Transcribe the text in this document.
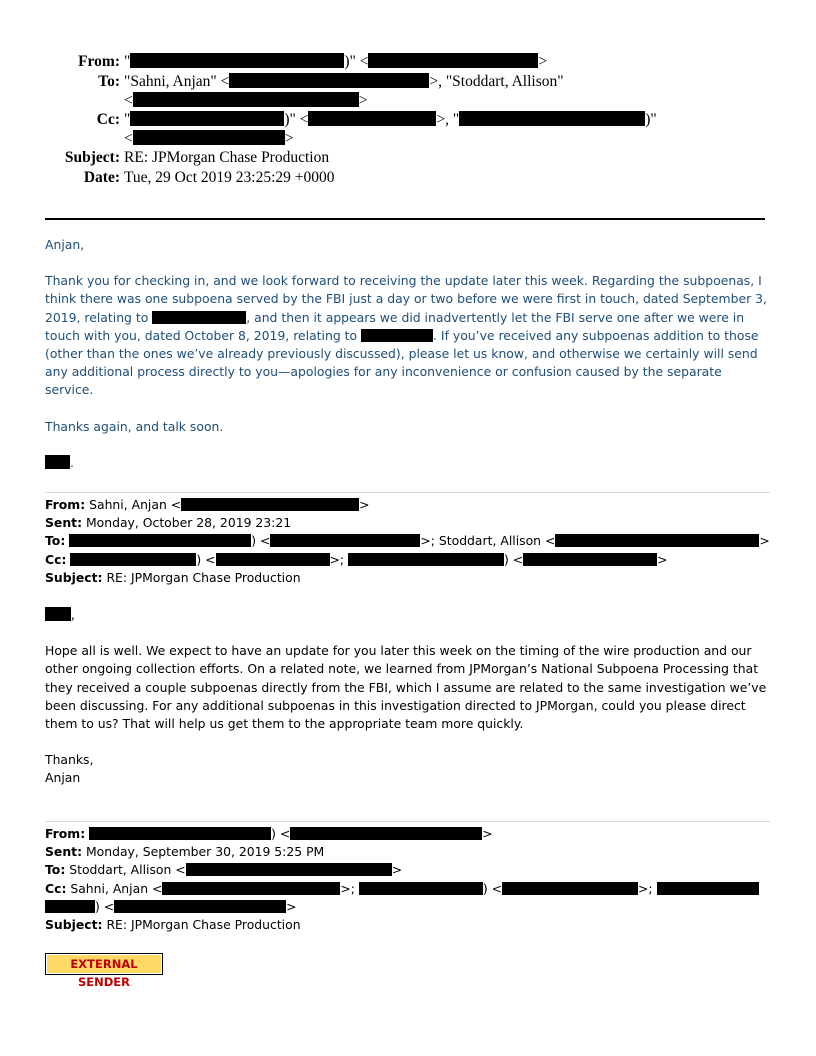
From: "	)" <	>
To: "Sahni, Anjan" <	>, "Stoddart, Allison"
<	>
Cc: "	)" <	>, "	)"
<	>
Subject: RE: JPMorgan Chase Production
Date: Tue, 29 Oct 2019 23:25:29 +0000

Anjan,

Thank you for checking in, and we look forward to receiving the update later this week. Regarding the subpoenas, I think there was one subpoena served by the FBI just a day or two before we were first in touch, dated September 3, 2019, relating to	, and then it appears we did inadvertently let the FBI serve one after we were in touch with you, dated October 8, 2019, relating to	. If you’ve received any subpoenas addition to those (other than the ones we’ve already previously discussed), please let us know, and otherwise we certainly will send any additional process directly to you—apologies for any inconvenience or confusion caused by the separate service.

Thanks again, and talk soon.

.

From: Sahni, Anjan <	>
Sent: Monday, October 28, 2019 23:21
To:	) <	>; Stoddart, Allison <	>
Cc:	) <	>;	) <	>
Subject: RE: JPMorgan Chase Production

,

Hope all is well. We expect to have an update for you later this week on the timing of the wire production and our other ongoing collection efforts. On a related note, we learned from JPMorgan’s National Subpoena Processing that they received a couple subpoenas directly from the FBI, which I assume are related to the same investigation we’ve been discussing. For any additional subpoenas in this investigation directed to JPMorgan, could you please direct them to us? That will help us get them to the appropriate team more quickly.

Thanks,
Anjan

From:	) <	>
Sent: Monday, September 30, 2019 5:25 PM
To: Stoddart, Allison <	>
Cc: Sahni, Anjan <	>;	) <	>;
) <	>
Subject: RE: JPMorgan Chase Production
EXTERNAL SENDER
